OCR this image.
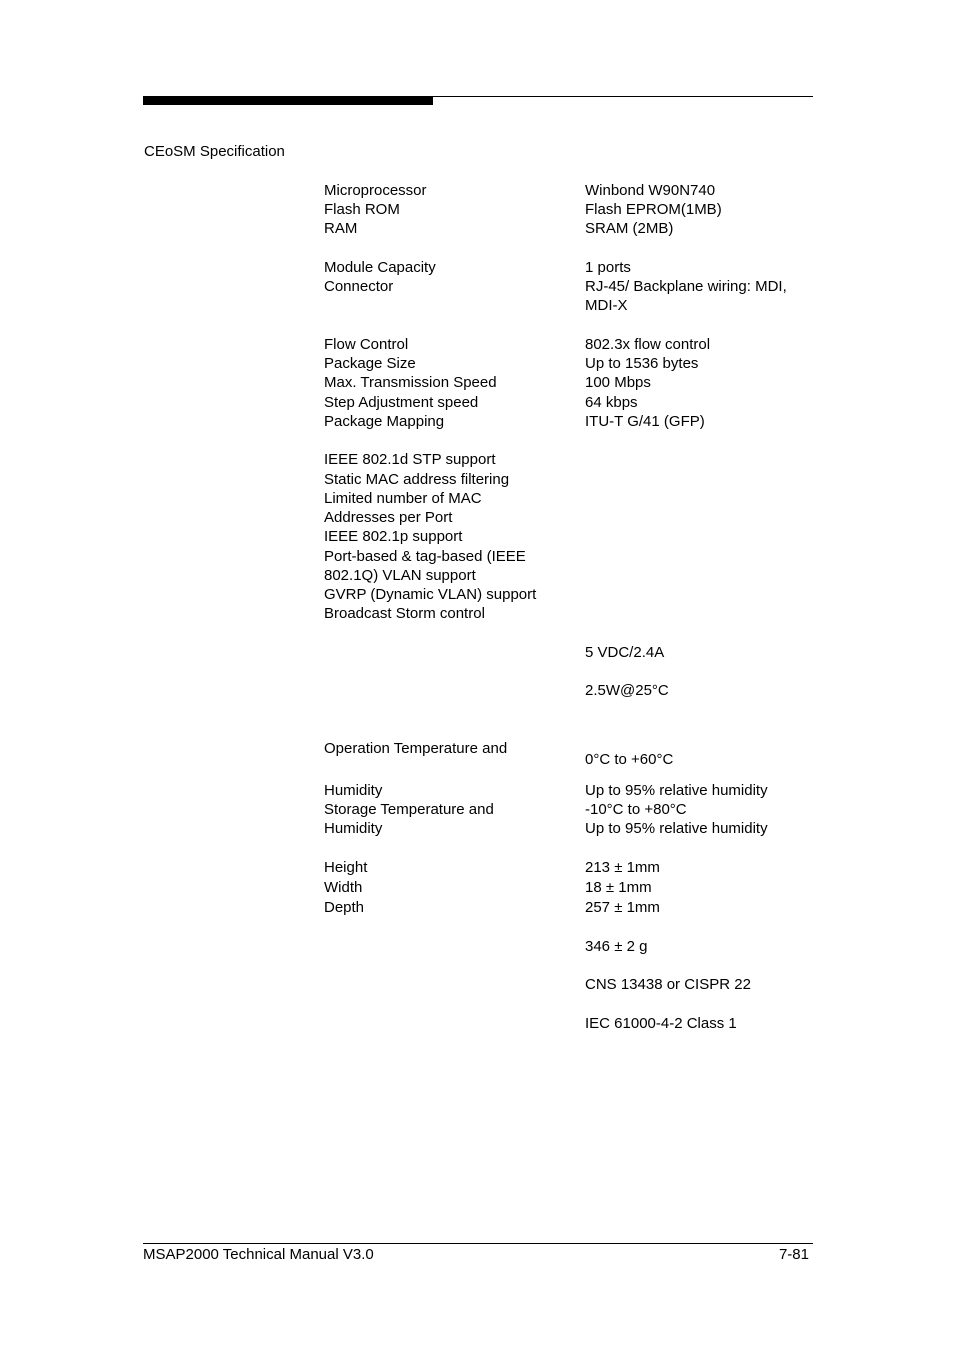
CEoSM Specification
Microprocessor
Flash ROM
RAM
Module Capacity
Connector
Flow Control
Package Size
Max. Transmission Speed
Step Adjustment speed
Package Mapping
IEEE 802.1d STP support
Static MAC address filtering
Limited number of MAC
Addresses per Port
IEEE 802.1p support
Port-based & tag-based (IEEE
802.1Q) VLAN support
GVRP (Dynamic VLAN) support
Broadcast Storm control
Operation Temperature and
Humidity
Storage Temperature and
Humidity
Height
Width
Depth
Winbond W90N740
Flash EPROM(1MB)
SRAM (2MB)
1 ports
RJ-45/ Backplane wiring: MDI,
MDI-X
802.3x flow control
Up to 1536 bytes
100 Mbps
64 kbps
ITU-T G/41 (GFP)
5 VDC/2.4A
2.5W@25°C
0°C to +60°C
Up to 95% relative humidity
-10°C to +80°C
Up to 95% relative humidity
213 ± 1mm
18 ± 1mm
257 ± 1mm
346 ± 2 g
CNS 13438 or CISPR 22
IEC 61000-4-2 Class 1
MSAP2000 Technical Manual V3.0	7-81
